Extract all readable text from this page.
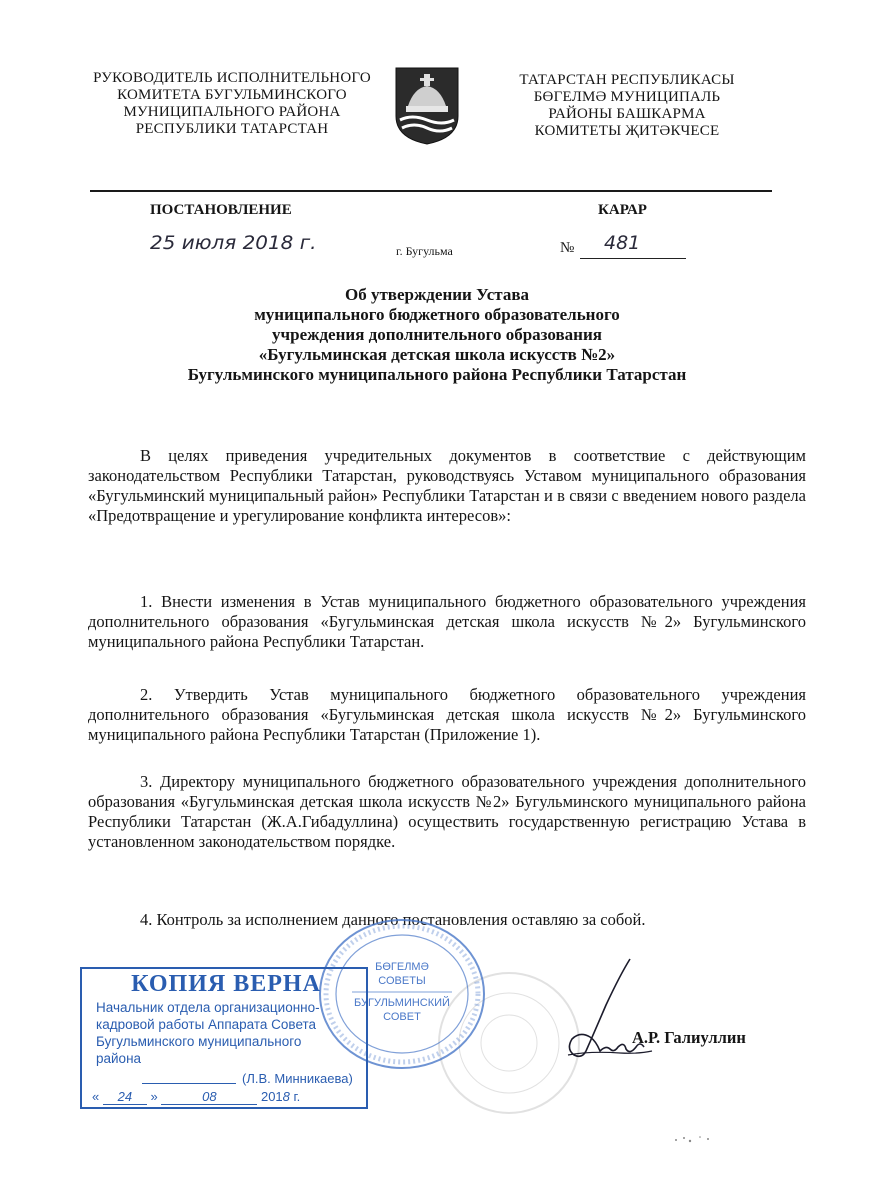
РУКОВОДИТЕЛЬ ИСПОЛНИТЕЛЬНОГО
КОМИТЕТА БУГУЛЬМИНСКОГО
МУНИЦИПАЛЬНОГО РАЙОНА
РЕСПУБЛИКИ ТАТАРСТАН
ТАТАРСТАН РЕСПУБЛИКАСЫ
БӨГЕЛМӘ МУНИЦИПАЛЬ
РАЙОНЫ БАШКАРМА
КОМИТЕТЫ ҖИТӘКЧЕСЕ
ПОСТАНОВЛЕНИЕ	КАРАР
25 июля 2018 г.	г. Бугульма	№ 481
Об утверждении Устава
муниципального бюджетного образовательного
учреждения дополнительного образования
«Бугульминская детская школа искусств №2»
Бугульминского муниципального района Республики Татарстан
В целях приведения учредительных документов в соответствие с действующим законодательством Республики Татарстан, руководствуясь Уставом муниципального образования «Бугульминский муниципальный район» Республики Татарстан и в связи с введением нового раздела «Предотвращение и урегулирование конфликта интересов»:
1. Внести изменения в Устав муниципального бюджетного образовательного учреждения дополнительного образования «Бугульминская детская школа искусств №2» Бугульминского муниципального района Республики Татарстан.
2. Утвердить Устав муниципального бюджетного образовательного учреждения дополнительного образования «Бугульминская детская школа искусств №2» Бугульминского муниципального района Республики Татарстан (Приложение 1).
3. Директору муниципального бюджетного образовательного учреждения дополнительного образования «Бугульминская детская школа искусств №2» Бугульминского муниципального района Республики Татарстан (Ж.А.Гибадуллина) осуществить государственную регистрацию Устава в установленном законодательством порядке.
4. Контроль за исполнением данного постановления оставляю за собой.
БӨГЕЛМӘ
СОВЕТЫ
БУГУЛЬМИНСКИЙ
СОВЕТ
А.Р. Галиуллин
КОПИЯ ВЕРНА
Начальник отдела организационно-
кадровой работы Аппарата Совета
Бугульминского муниципального
района
(Л.В. Минникаева)
« 24 »	08	2018 г.
